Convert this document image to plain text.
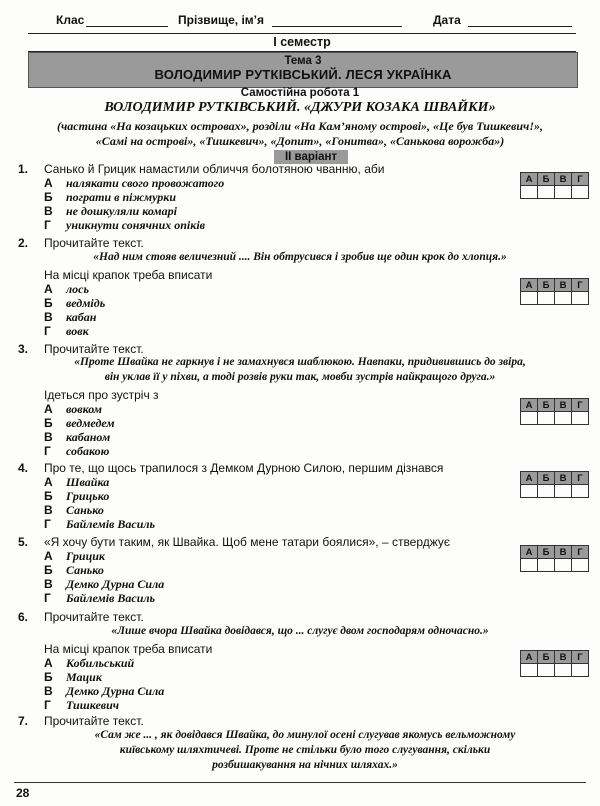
Клас	Прізвище, ім’я	Дата
І семестр
Тема 3
ВОЛОДИМИР РУТКІВСЬКИЙ. ЛЕСЯ УКРАЇНКА
Самостійна робота 1
ВОЛОДИМИР РУТКІВСЬКИЙ. «ДЖУРИ КОЗАКА ШВАЙКИ»
(частина «На козацьких островах», розділи «На Кам’яному острові», «Це був Тишкевич!»,
«Самі на острові», «Тишкевич», «Допит», «Гонитва», «Санькова ворожба»)
ІІ варіант
1. Санько й Грицик намастили обличчя болотяною чванню, аби
А налякати свого провожатого
Б пограти в піжмурки
В не дошкуляли комарі
Г уникнути сонячних опіків
А	Б	В	Г

2. Прочитайте текст.
«Над ним стояв величезний .... Він обтрусився і зробив ще один крок до хлопця.»
На місці крапок треба вписати
А лось
Б ведмідь
В кабан
Г вовк
А	Б	В	Г

3. Прочитайте текст.
«Проте Швайка не гаркнув і не замахнувся шаблюкою. Навпаки, придивившись до звіра,
він уклав її у піхви, а тоді розвів руки так, мовби зустрів найкращого друга.»
Ідеться про зустріч з
А вовком
Б ведмедем
В кабаном
Г собакою
А	Б	В	Г

4. Про те, що щось трапилося з Демком Дурною Силою, першим дізнався
А Швайка
Б Грицько
В Санько
Г Байлемів Василь
А	Б	В	Г

5. «Я хочу бути таким, як Швайка. Щоб мене татари боялися», – стверджує
А Грицик
Б Санько
В Демко Дурна Сила
Г Байлемів Василь
А	Б	В	Г

6. Прочитайте текст.
«Лише вчора Швайка довідався, що ... слугує двом господарям одночасно.»
На місці крапок треба вписати
А Кобильський
Б Мацик
В Демко Дурна Сила
Г Тишкевич
А	Б	В	Г

7. Прочитайте текст.
«Сам же ... , як довідався Швайка, до минулої осені слугував якомусь вельможному
київському шляхтичеві. Проте не стільки було того слугування, скільки
розбишакування на нічних шляхах.»
28
